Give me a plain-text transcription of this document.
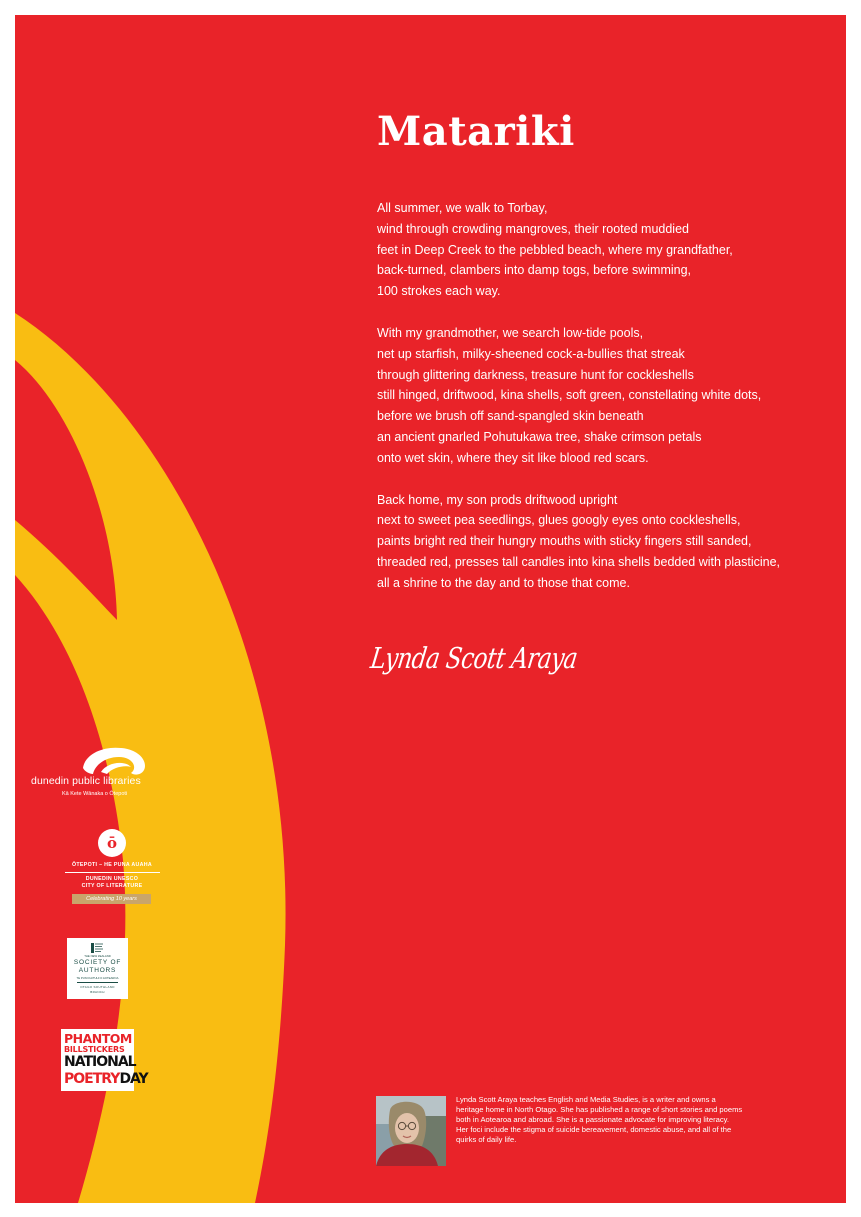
Matariki
All summer, we walk to Torbay,
wind through crowding mangroves, their rooted muddied
feet in Deep Creek to the pebbled beach, where my grandfather,
back-turned, clambers into damp togs, before swimming,
100 strokes each way.
With my grandmother, we search low-tide pools,
net up starfish, milky-sheened cock-a-bullies that streak
through glittering darkness, treasure hunt for cockleshells
still hinged, driftwood, kina shells, soft green, constellating white dots,
before we brush off sand-spangled skin beneath
an ancient gnarled Pohutukawa tree, shake crimson petals
onto wet skin, where they sit like blood red scars.
Back home, my son prods driftwood upright
next to sweet pea seedlings, glues googly eyes onto cockleshells,
paints bright red their hungry mouths with sticky fingers still sanded,
threaded red, presses tall candles into kina shells bedded with plasticine,
all a shrine to the day and to those that come.
Lynda Scott Araya
dunedin public libraries
Kā Kete Wānaka o Ōtepoti
ō
ŌTEPOTI – HE PUNA AUAHA
DUNEDIN UNESCO
CITY OF LITERATURE
Celebrating 10 years
THE NEW ZEALAND
SOCIETY OF
AUTHORS
TE PUNI KAITUHI O AOTEAROA
OTAGO SOUTHLAND
BRANCH
PHANTOM
BILLSTICKERS
NATIONAL
POETRYDAY
Lynda Scott Araya teaches English and Media Studies, is a writer and owns a
heritage home in North Otago. She has published a range of short stories and poems
both in Aotearoa and abroad. She is a passionate advocate for improving literacy.
Her foci include the stigma of suicide bereavement, domestic abuse, and all of the
quirks of daily life.
